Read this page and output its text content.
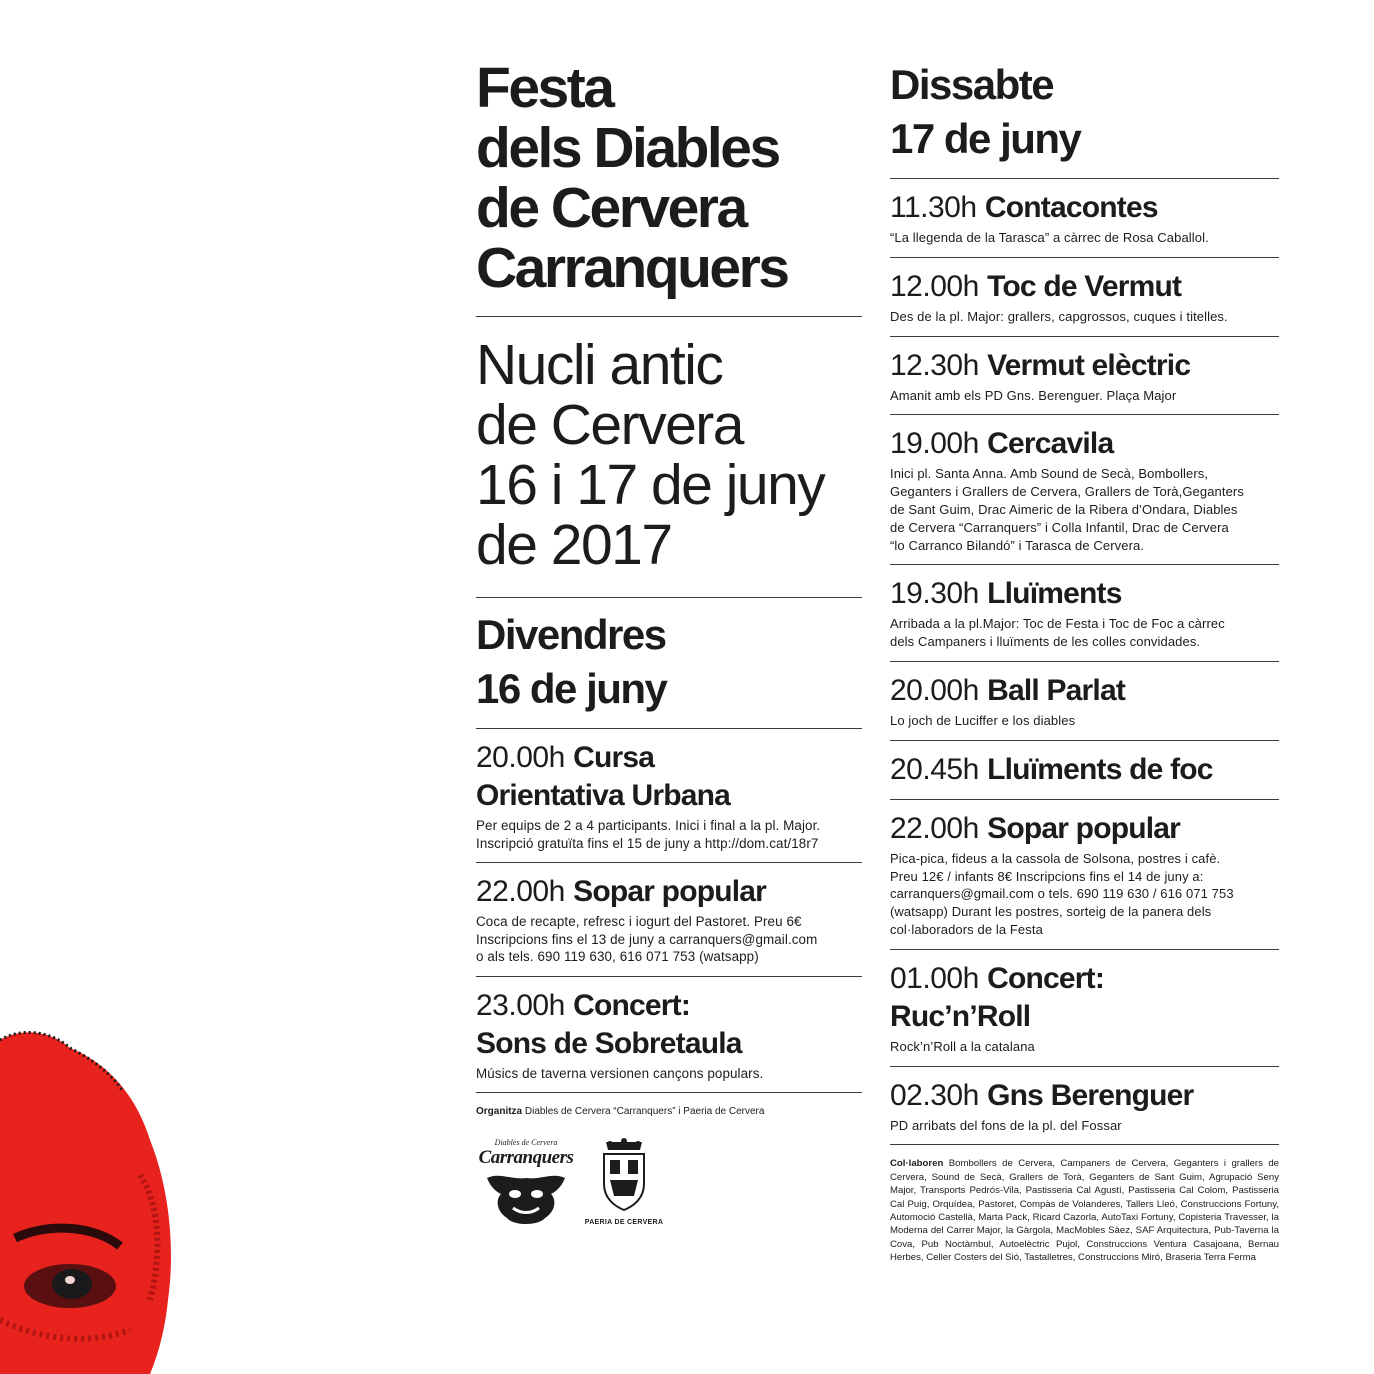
Festa
dels Diables
de Cervera
Carranquers
Nucli antic
de Cervera
16 i 17 de juny
de 2017
Divendres
16 de juny
20.00h Cursa
Orientativa Urbana
Per equips de 2 a 4 participants. Inici i final a la pl. Major.
Inscripció gratuïta fins el 15 de juny a http://dom.cat/18r7
22.00h Sopar popular
Coca de recapte, refresc i iogurt del Pastoret. Preu 6€
Inscripcions fins el 13 de juny a carranquers@gmail.com
o als tels. 690 119 630, 616 071 753 (watsapp)
23.00h Concert:
Sons de Sobretaula
Músics de taverna versionen cançons populars.
Organitza Diables de Cervera “Carranquers” i Paeria de Cervera
Diables de Cervera
Carranquers
PAERIA DE CERVERA
Dissabte
17 de juny
11.30h Contacontes
“La llegenda de la Tarasca” a càrrec de Rosa Caballol.
12.00h Toc de Vermut
Des de la pl. Major: grallers, capgrossos, cuques i titelles.
12.30h Vermut elèctric
Amanit amb els PD Gns. Berenguer. Plaça Major
19.00h Cercavila
Inici pl. Santa Anna. Amb Sound de Secà, Bombollers,
Geganters i Grallers de Cervera, Grallers de Torà,Geganters
de Sant Guim, Drac Aimeric de la Ribera d’Ondara, Diables
de Cervera “Carranquers” i Colla Infantil, Drac de Cervera
“lo Carranco Bilandó” i Tarasca de Cervera.
19.30h Lluïments
Arribada a la pl.Major: Toc de Festa i Toc de Foc a càrrec
dels Campaners i lluïments de les colles convidades.
20.00h Ball Parlat
Lo joch de Luciffer e los diables
20.45h Lluïments de foc
22.00h Sopar popular
Pica-pica, fideus a la cassola de Solsona, postres i cafè.
Preu 12€ / infants 8€ Inscripcions fins el 14 de juny a:
carranquers@gmail.com o tels. 690 119 630 / 616 071 753
(watsapp) Durant les postres, sorteig de la panera dels
col·laboradors de la Festa
01.00h Concert:
Ruc’n’Roll
Rock’n’Roll a la catalana
02.30h Gns Berenguer
PD arribats del fons de la pl. del Fossar
Col·laboren Bombollers de Cervera, Campaners de Cervera, Geganters i grallers de Cervera, Sound de Secà, Grallers de Torà, Geganters de Sant Guim, Agrupació Seny Major, Transports Pedrós-Vila, Pastisseria Cal Agustí, Pastisseria Cal Colom, Pastisseria Cal Puig, Orquídea, Pastoret, Compàs de Volanderes, Tallers Lleó, Construccions Fortuny, Automoció Castellà, Marta Pack, Ricard Cazorla, AutoTaxi Fortuny, Copisteria Travesser, la Moderna del Carrer Major, la Gàrgola, MacMobles Sàez, SAF Arquitectura, Pub-Taverna la Cova, Pub Noctàmbul, Autoelèctric Pujol, Construccions Ventura Casajoana, Bernau Herbes, Celler Costers del Sió, Tastalletres, Construccions Miró, Braseria Terra Ferma
